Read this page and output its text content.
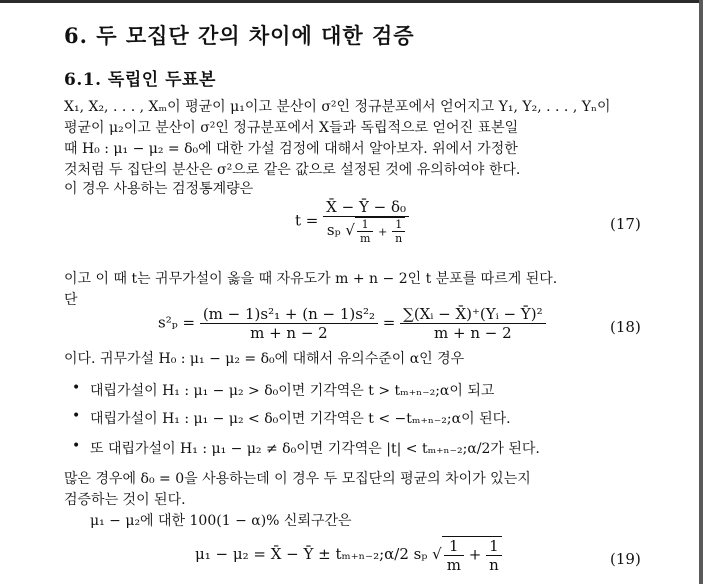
6. 두 모집단 간의 차이에 대한 검증
6.1. 독립인 두표본
X₁, X₂, . . . , Xₘ이 평균이 μ₁이고 분산이 σ²인 정규분포에서 얻어지고 Y₁, Y₂, . . . , Yₙ이
평균이 μ₂이고 분산이 σ²인 정규분포에서 X들과 독립적으로 얻어진 표본일
때 H₀ : μ₁ − μ₂ = δ₀에 대한 가설 검정에 대해서 알아보자. 위에서 가정한
것처럼 두 집단의 분산은 σ²으로 같은 값으로 설정된 것에 유의하여야 한다.
이 경우 사용하는 검정통계량은
$t = \frac{\text{X̄ − Ȳ − δ₀}}{s_p √ \frac{1}{m} + \frac{1}{n}}$	(17)
이고 이 때 t는 귀무가설이 옳을 때 자유도가 m + n − 2인 t 분포를 따르게 된다.
단
$s^2_p = \frac{\text{(m − 1)s²₁ + (n − 1)s²₂}}{m + n - 2} = \frac{\text{∑(Xᵢ − X̄)⁺(Yᵢ − Ȳ)²}}{m + n - 2}$	(18)
이다. 귀무가설 H₀ : μ₁ − μ₂ = δ₀에 대해서 유의수준이 α인 경우
• 대립가설이 H₁ : μ₁ − μ₂ > δ₀이면 기각역은 t > tₘ₊ₙ₋₂;α이 되고
• 대립가설이 H₁ : μ₁ − μ₂ < δ₀이면 기각역은 t < −tₘ₊ₙ₋₂;α이 된다.
• 또 대립가설이 H₁ : μ₁ − μ₂ ≠ δ₀이면 기각역은 |t| < tₘ₊ₙ₋₂;α/2가 된다.
많은 경우에 δ₀ = 0을 사용하는데 이 경우 두 모집단의 평균의 차이가 있는지
검증하는 것이 된다.
μ₁ − μ₂에 대한 100(1 − α)% 신뢰구간은
μ₁ − μ₂ = X̄ − Ȳ ± tₘ₊ₙ₋₂;α/2 sₚ √ $\frac{1}{m} + \frac{1}{n}$	(19)
